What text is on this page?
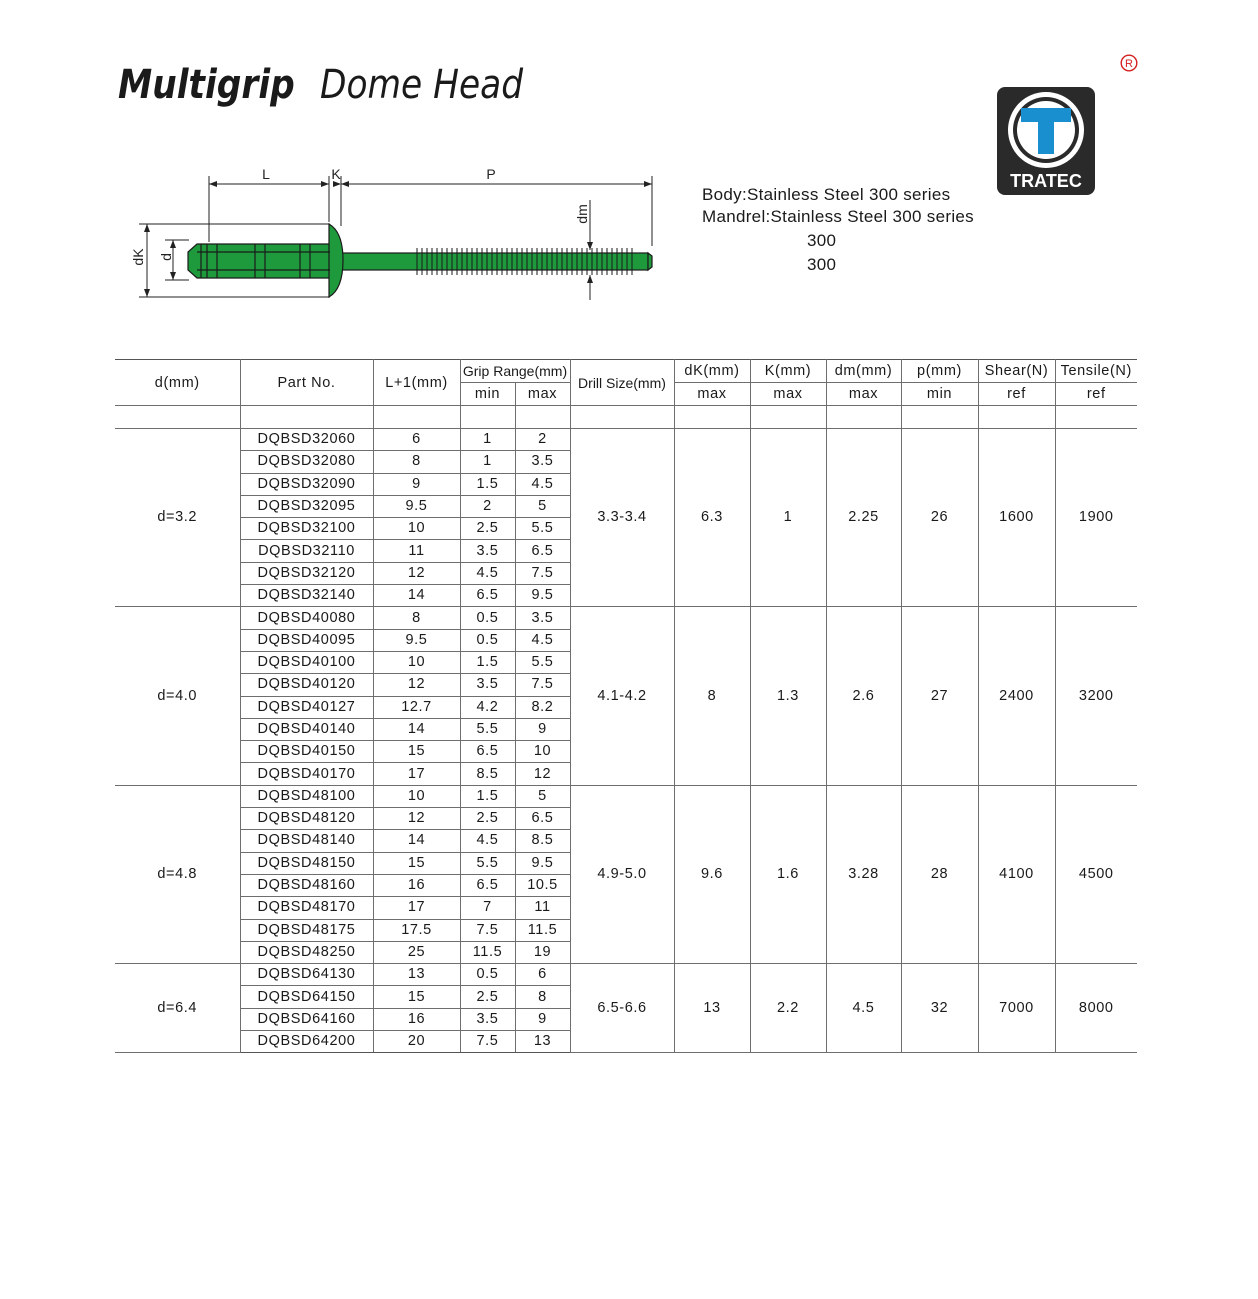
Multigrip Dome Head	R
TRATEC
L	K	P
dm
dK d
Body:Stainless Steel 300 series
Mandrel:Stainless Steel 300 series
300
300
d(mm)	Part No.	L+1(mm)	Grip Range(mm)		Drill Size(mm)	dK(mm)	K(mm)	dm(mm)	p(mm)	Shear(N)	Tensile(N)
			min	max		max	max	max	min	ref	ref

d=3.2	DQBSD32060	6	1	2	3.3-3.4	6.3	1	2.25	26	1600	1900
	DQBSD32080	8	1	3.5							
	DQBSD32090	9	1.5	4.5							
	DQBSD32095	9.5	2	5							
	DQBSD32100	10	2.5	5.5							
	DQBSD32110	11	3.5	6.5							
	DQBSD32120	12	4.5	7.5							
	DQBSD32140	14	6.5	9.5							
d=4.0	DQBSD40080	8	0.5	3.5	4.1-4.2	8	1.3	2.6	27	2400	3200
	DQBSD40095	9.5	0.5	4.5							
	DQBSD40100	10	1.5	5.5							
	DQBSD40120	12	3.5	7.5							
	DQBSD40127	12.7	4.2	8.2							
	DQBSD40140	14	5.5	9							
	DQBSD40150	15	6.5	10							
	DQBSD40170	17	8.5	12							
d=4.8	DQBSD48100	10	1.5	5	4.9-5.0	9.6	1.6	3.28	28	4100	4500
	DQBSD48120	12	2.5	6.5							
	DQBSD48140	14	4.5	8.5							
	DQBSD48150	15	5.5	9.5							
	DQBSD48160	16	6.5	10.5							
	DQBSD48170	17	7	11							
	DQBSD48175	17.5	7.5	11.5							
	DQBSD48250	25	11.5	19							
d=6.4	DQBSD64130	13	0.5	6	6.5-6.6	13	2.2	4.5	32	7000	8000
	DQBSD64150	15	2.5	8							
	DQBSD64160	16	3.5	9							
	DQBSD64200	20	7.5	13							
